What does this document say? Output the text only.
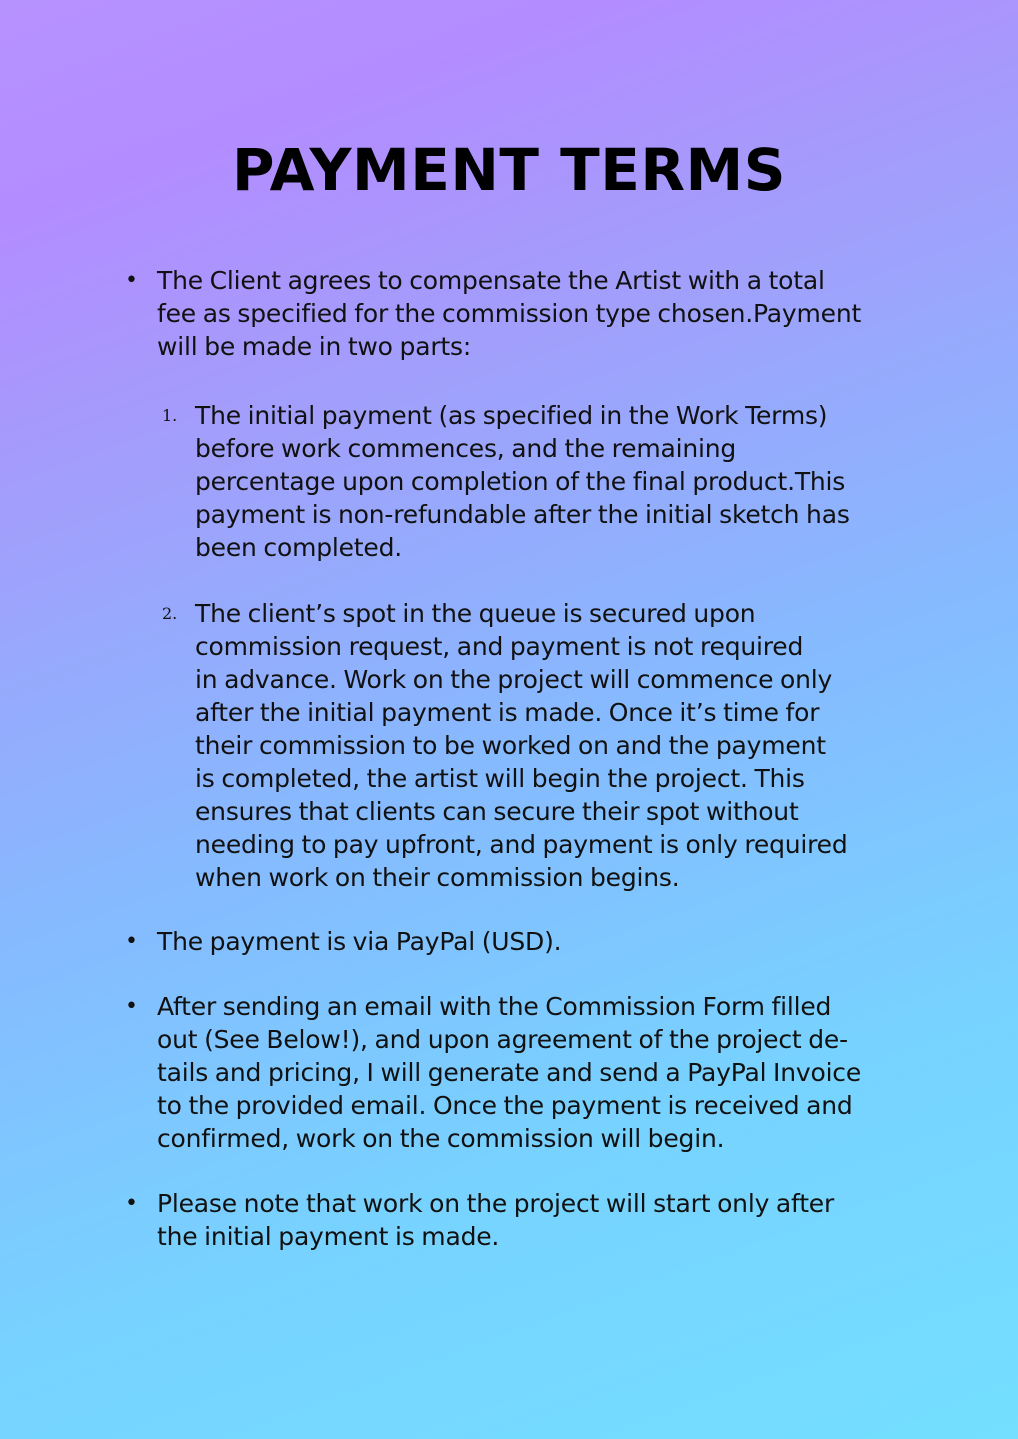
PAYMENT TERMS
• The Client agrees to compensate the Artist with a total
fee as specified for the commission type chosen.Payment
will be made in two parts:
1. The initial payment (as specified in the Work Terms)
before work commences, and the remaining
percentage upon completion of the final product.This
payment is non-refundable after the initial sketch has
been completed.
2. The client’s spot in the queue is secured upon
commission request, and payment is not required
in advance. Work on the project will commence only
after the initial payment is made. Once it’s time for
their commission to be worked on and the payment
is completed, the artist will begin the project. This
ensures that clients can secure their spot without
needing to pay upfront, and payment is only required
when work on their commission begins.
• The payment is via PayPal (USD).
• After sending an email with the Commission Form filled
out (See Below!), and upon agreement of the project de-
tails and pricing, I will generate and send a PayPal Invoice
to the provided email. Once the payment is received and
confirmed, work on the commission will begin.
• Please note that work on the project will start only after
the initial payment is made.
